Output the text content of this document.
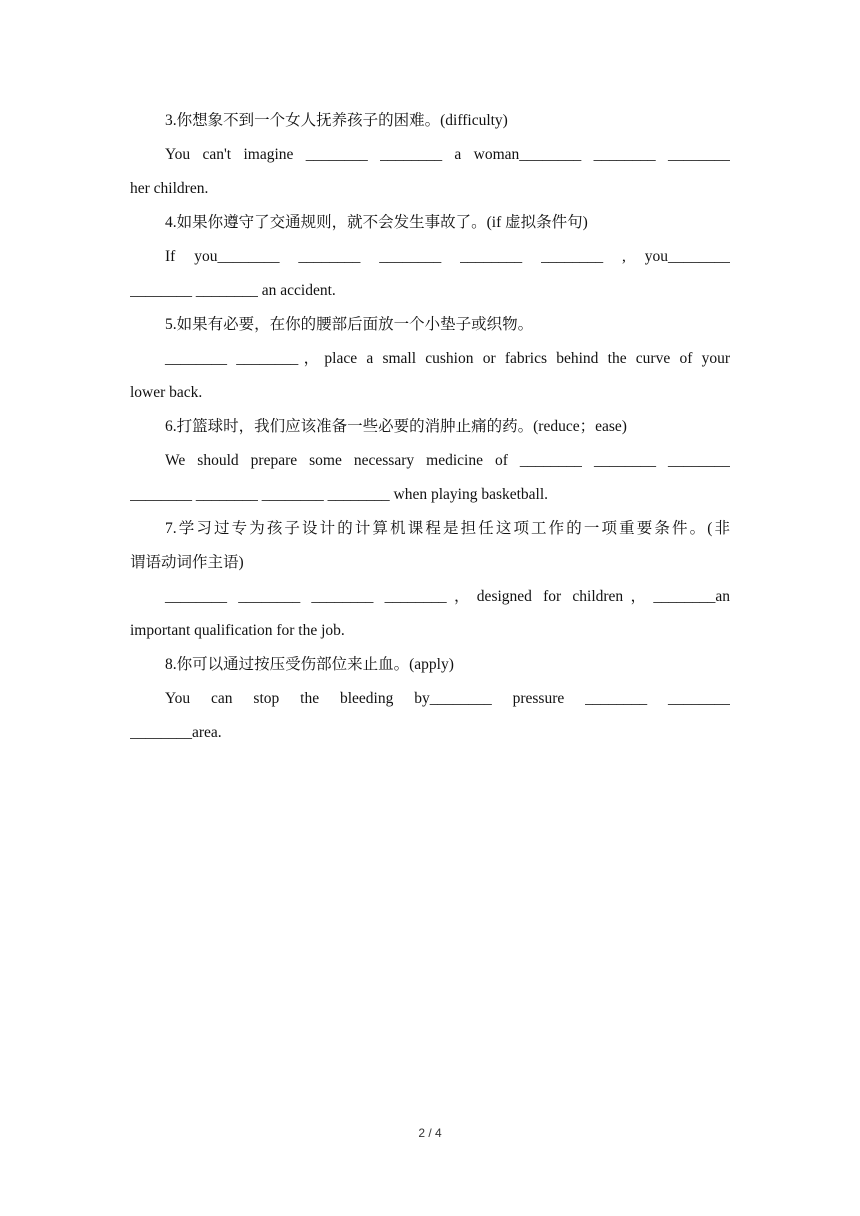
3.你想象不到一个女人抚养孩子的困难。(difficulty)
You can't imagine ________ ________ a woman________ ________ ________
her children.
4.如果你遵守了交通规则，就不会发生事故了。(if 虚拟条件句)
If you________ ________ ________ ________ ________ , you________
________ ________ an accident.
5.如果有必要，在你的腰部后面放一个小垫子或织物。
________ ________，place a small cushion or fabrics behind the curve of your
lower back.
6.打篮球时，我们应该准备一些必要的消肿止痛的药。(reduce；ease)
We should prepare some necessary medicine of ________ ________ ________
________ ________ ________ ________ when playing basketball.
7.学习过专为孩子设计的计算机课程是担任这项工作的一项重要条件。(非
谓语动词作主语)
________ ________ ________ ________，designed for children，________an
important qualification for the job.
8.你可以通过按压受伤部位来止血。(apply)
You can stop the bleeding by________ pressure ________ ________
________area.
2 / 4
